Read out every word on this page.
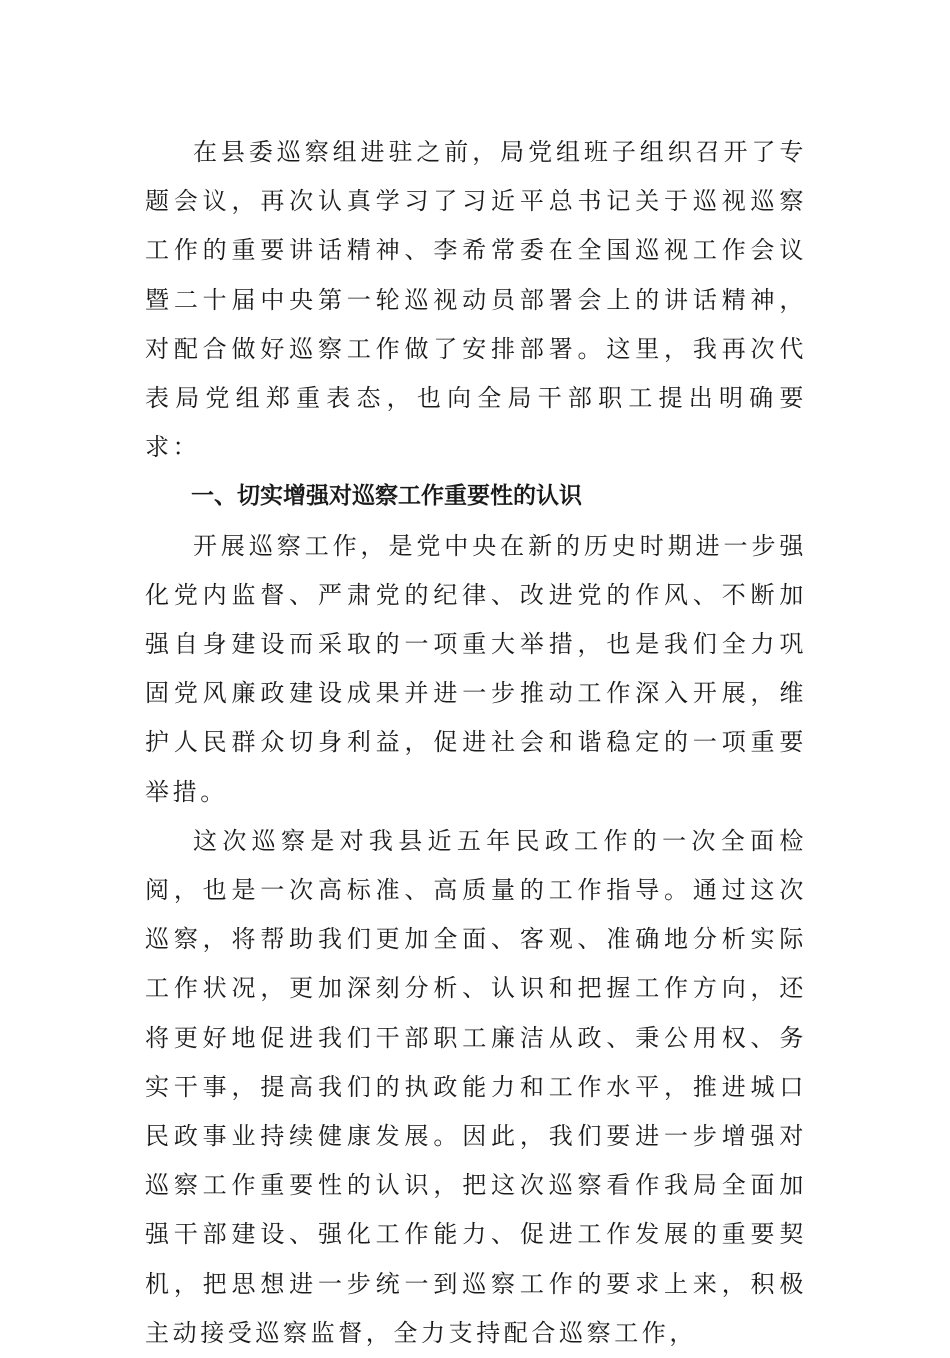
在县委巡察组进驻之前，局党组班子组织召开了专题会议，再次认真学习了习近平总书记关于巡视巡察工作的重要讲话精神、李希常委在全国巡视工作会议暨二十届中央第一轮巡视动员部署会上的讲话精神，对配合做好巡察工作做了安排部署。这里，我再次代表局党组郑重表态，也向全局干部职工提出明确要求：

一、切实增强对巡察工作重要性的认识

开展巡察工作，是党中央在新的历史时期进一步强化党内监督、严肃党的纪律、改进党的作风、不断加强自身建设而采取的一项重大举措，也是我们全力巩固党风廉政建设成果并进一步推动工作深入开展，维护人民群众切身利益，促进社会和谐稳定的一项重要举措。

这次巡察是对我县近五年民政工作的一次全面检阅，也是一次高标准、高质量的工作指导。通过这次巡察，将帮助我们更加全面、客观、准确地分析实际工作状况，更加深刻分析、认识和把握工作方向，还将更好地促进我们干部职工廉洁从政、秉公用权、务实干事，提高我们的执政能力和工作水平，推进城口民政事业持续健康发展。因此，我们要进一步增强对巡察工作重要性的认识，把这次巡察看作我局全面加强干部建设、强化工作能力、促进工作发展的重要契机，把思想进一步统一到巡察工作的要求上来，积极主动接受巡察监督，全力支持配合巡察工作，
